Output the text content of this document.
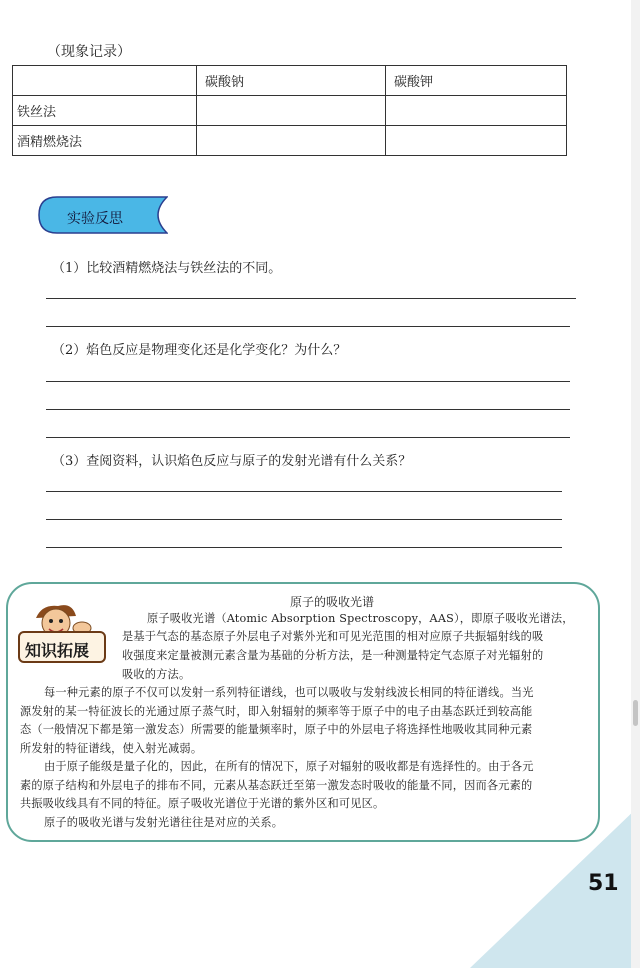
（现象记录）
	碳酸钠	碳酸钾
铁丝法		
酒精燃烧法		
实验反思
（1）比较酒精燃烧法与铁丝法的不同。
（2）焰色反应是物理变化还是化学变化？为什么？
（3）查阅资料，认识焰色反应与原子的发射光谱有什么关系？
51
原子的吸收光谱
知识拓展
原子吸收光谱（Atomic Absorption Spectroscopy，AAS），即原子吸收光谱法，
是基于气态的基态原子外层电子对紫外光和可见光范围的相对应原子共振辐射线的吸
收强度来定量被测元素含量为基础的分析方法，是一种测量特定气态原子对光辐射的
吸收的方法。
每一种元素的原子不仅可以发射一系列特征谱线，也可以吸收与发射线波长相同的特征谱线。当光
源发射的某一特征波长的光通过原子蒸气时，即入射辐射的频率等于原子中的电子由基态跃迁到较高能
态（一般情况下都是第一激发态）所需要的能量频率时，原子中的外层电子将选择性地吸收其同种元素
所发射的特征谱线，使入射光减弱。
由于原子能级是量子化的，因此，在所有的情况下，原子对辐射的吸收都是有选择性的。由于各元
素的原子结构和外层电子的排布不同，元素从基态跃迁至第一激发态时吸收的能量不同，因而各元素的
共振吸收线具有不同的特征。原子吸收光谱位于光谱的紫外区和可见区。
原子的吸收光谱与发射光谱往往是对应的关系。
